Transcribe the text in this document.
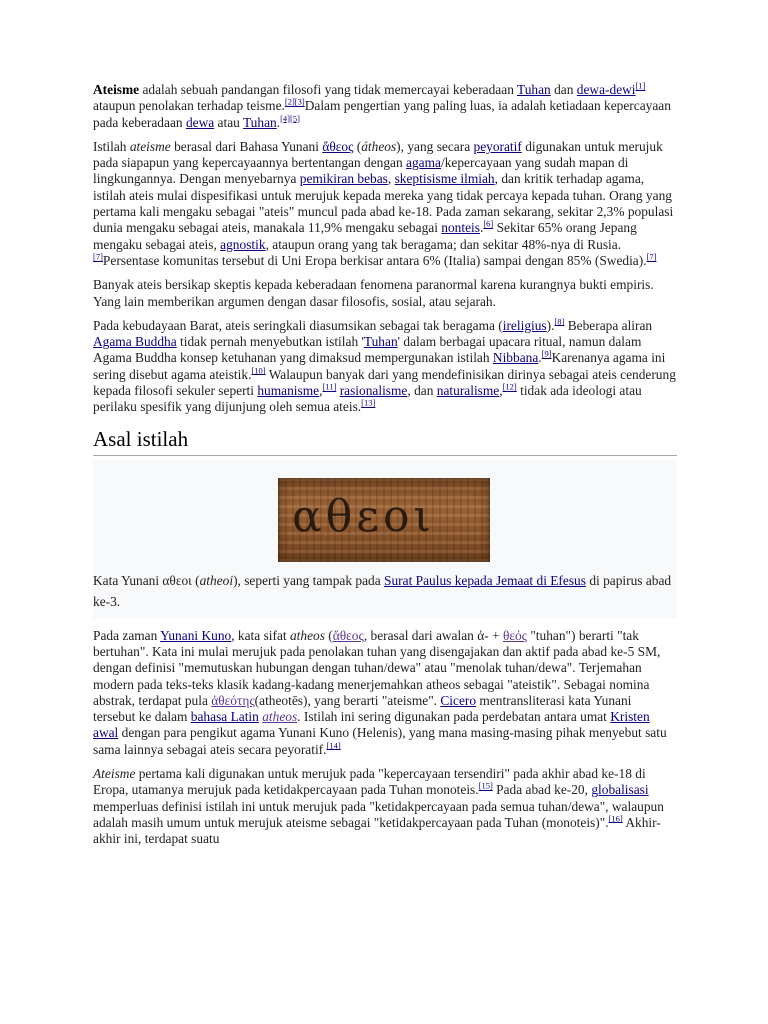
Ateisme adalah sebuah pandangan filosofi yang tidak memercayai keberadaan Tuhan dan dewa-dewi[1] ataupun penolakan terhadap teisme.[2][3]Dalam pengertian yang paling luas, ia adalah ketiadaan kepercayaan pada keberadaan dewa atau Tuhan.[4][5]

Istilah ateisme berasal dari Bahasa Yunani ἄθεος (átheos), yang secara peyoratif digunakan untuk merujuk pada siapapun yang kepercayaannya bertentangan dengan agama/kepercayaan yang sudah mapan di lingkungannya. Dengan menyebarnya pemikiran bebas, skeptisisme ilmiah, dan kritik terhadap agama, istilah ateis mulai dispesifikasi untuk merujuk kepada mereka yang tidak percaya kepada tuhan. Orang yang pertama kali mengaku sebagai "ateis" muncul pada abad ke-18. Pada zaman sekarang, sekitar 2,3% populasi dunia mengaku sebagai ateis, manakala 11,9% mengaku sebagai nonteis.[6] Sekitar 65% orang Jepang mengaku sebagai ateis, agnostik, ataupun orang yang tak beragama; dan sekitar 48%-nya di Rusia.[7]Persentase komunitas tersebut di Uni Eropa berkisar antara 6% (Italia) sampai dengan 85% (Swedia).[7]

Banyak ateis bersikap skeptis kepada keberadaan fenomena paranormal karena kurangnya bukti empiris. Yang lain memberikan argumen dengan dasar filosofis, sosial, atau sejarah.

Pada kebudayaan Barat, ateis seringkali diasumsikan sebagai tak beragama (ireligius).[8] Beberapa aliran Agama Buddha tidak pernah menyebutkan istilah 'Tuhan' dalam berbagai upacara ritual, namun dalam Agama Buddha konsep ketuhanan yang dimaksud mempergunakan istilah Nibbana.[9]Karenanya agama ini sering disebut agama ateistik.[10] Walaupun banyak dari yang mendefinisikan dirinya sebagai ateis cenderung kepada filosofi sekuler seperti humanisme,[11] rasionalisme, dan naturalisme,[12] tidak ada ideologi atau perilaku spesifik yang dijunjung oleh semua ateis.[13]

Asal istilah
αθεοι

Kata Yunani αθεοι (atheoi), seperti yang tampak pada Surat Paulus kepada Jemaat di Efesus di papirus abad ke-3.

Pada zaman Yunani Kuno, kata sifat atheos (ἄθεος, berasal dari awalan ἀ- + θεός "tuhan") berarti "tak bertuhan". Kata ini mulai merujuk pada penolakan tuhan yang disengajakan dan aktif pada abad ke-5 SM, dengan definisi "memutuskan hubungan dengan tuhan/dewa" atau "menolak tuhan/dewa". Terjemahan modern pada teks-teks klasik kadang-kadang menerjemahkan atheos sebagai "ateistik". Sebagai nomina abstrak, terdapat pula ἀθεότης(atheotēs), yang berarti "ateisme". Cicero mentransliterasi kata Yunani tersebut ke dalam bahasa Latin atheos. Istilah ini sering digunakan pada perdebatan antara umat Kristen awal dengan para pengikut agama Yunani Kuno (Helenis), yang mana masing-masing pihak menyebut satu sama lainnya sebagai ateis secara peyoratif.[14]

Ateisme pertama kali digunakan untuk merujuk pada "kepercayaan tersendiri" pada akhir abad ke-18 di Eropa, utamanya merujuk pada ketidakpercayaan pada Tuhan monoteis.[15] Pada abad ke-20, globalisasi memperluas definisi istilah ini untuk merujuk pada "ketidakpercayaan pada semua tuhan/dewa", walaupun adalah masih umum untuk merujuk ateisme sebagai "ketidakpercayaan pada Tuhan (monoteis)".[16] Akhir-akhir ini, terdapat suatu
